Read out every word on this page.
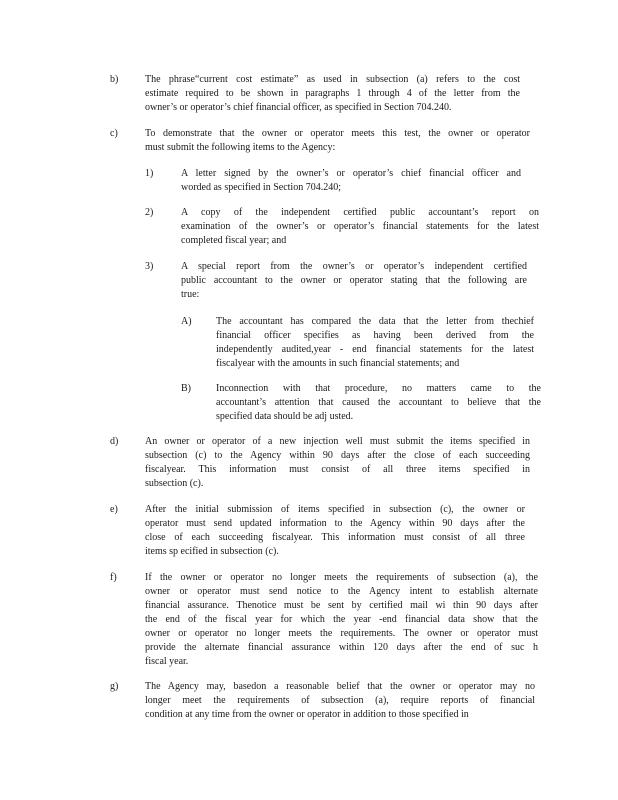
b)	The phrase“current cost estimate” as used in subsection (a) refers to the cost

estimate required to be shown in paragraphs 1 through 4 of the letter from the

owner’s or operator’s chief financial officer, as specified in Section 704.240.

c)	To demonstrate that the owner or operator meets this test, the owner or operator

must submit the following items to the Agency:

1)	A letter signed by the owner’s or operator’s chief financial officer and

worded as specified in Section 704.240;

2)	A copy of the independent certified public accountant’s report on

examination of the owner’s or operator’s financial statements for the latest

completed fiscal year; and

3)	A special report from the owner’s or operator’s independent certified

public accountant to the owner or operator stating that the following are

true:

A)	The accountant has compared the data that the letter from thechief

financial officer specifies as having been derived from the

independently audited,year - end financial statements for the latest

fiscalyear with the amounts in such financial statements; and

B)	Inconnection with that procedure, no matters came to the

accountant’s attention that caused the accountant to believe that the

specified data should be adj usted.

d)	An owner or operator of a new injection well must submit the items specified in

subsection (c) to the Agency within 90 days after the close of each succeeding

fiscalyear. This information must consist of all three items specified in

subsection (c).

e)	After the initial submission of items specified in subsection (c), the owner or

operator must send updated information to the Agency within 90 days after the

close of each succeeding fiscalyear. This information must consist of all three

items sp ecified in subsection (c).

f)	If the owner or operator no longer meets the requirements of subsection (a), the

owner or operator must send notice to the Agency intent to establish alternate

financial assurance. Thenotice must be sent by certified mail wi thin 90 days after

the end of the fiscal year for which the year -end financial data show that the

owner or operator no longer meets the requirements. The owner or operator must

provide the alternate financial assurance within 120 days after the end of suc h

fiscal year.

g)	The Agency may, basedon a reasonable belief that the owner or operator may no

longer meet the requirements of subsection (a), require reports of financial

condition at any time from the owner or operator in addition to those specified in
